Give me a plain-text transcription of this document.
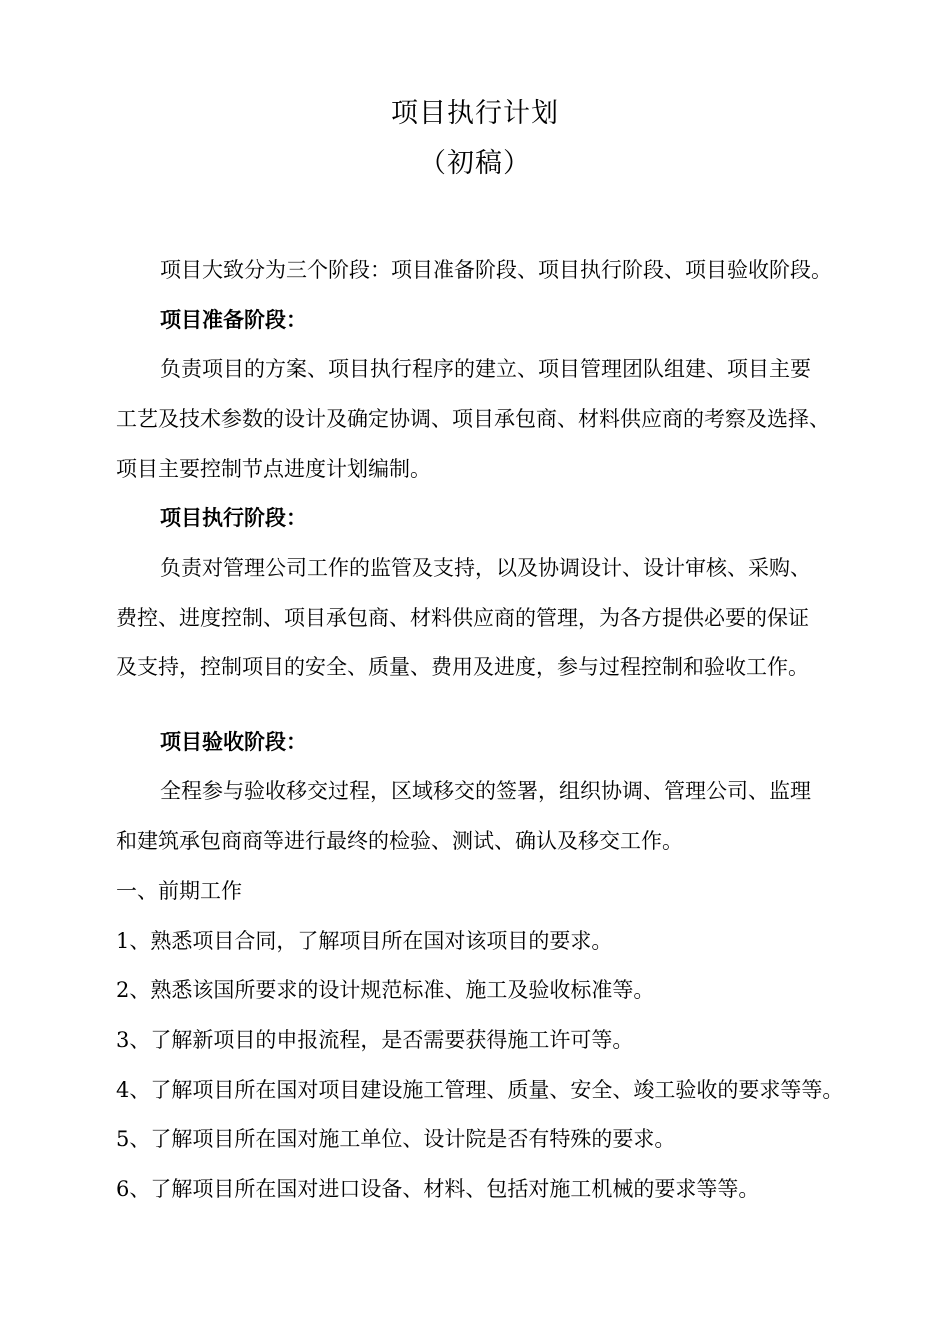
项目执行计划
（初稿）
项目大致分为三个阶段：项目准备阶段、项目执行阶段、项目验收阶段。
项目准备阶段：
负责项目的方案、项目执行程序的建立、项目管理团队组建、项目主要
工艺及技术参数的设计及确定协调、项目承包商、材料供应商的考察及选择、
项目主要控制节点进度计划编制。
项目执行阶段：
负责对管理公司工作的监管及支持，以及协调设计、设计审核、采购、
费控、进度控制、项目承包商、材料供应商的管理，为各方提供必要的保证
及支持，控制项目的安全、质量、费用及进度，参与过程控制和验收工作。
项目验收阶段：
全程参与验收移交过程，区域移交的签署，组织协调、管理公司、监理
和建筑承包商商等进行最终的检验、测试、确认及移交工作。
一、前期工作
1、熟悉项目合同，了解项目所在国对该项目的要求。
2、熟悉该国所要求的设计规范标准、施工及验收标准等。
3、了解新项目的申报流程，是否需要获得施工许可等。
4、了解项目所在国对项目建设施工管理、质量、安全、竣工验收的要求等等。
5、了解项目所在国对施工单位、设计院是否有特殊的要求。
6、了解项目所在国对进口设备、材料、包括对施工机械的要求等等。
